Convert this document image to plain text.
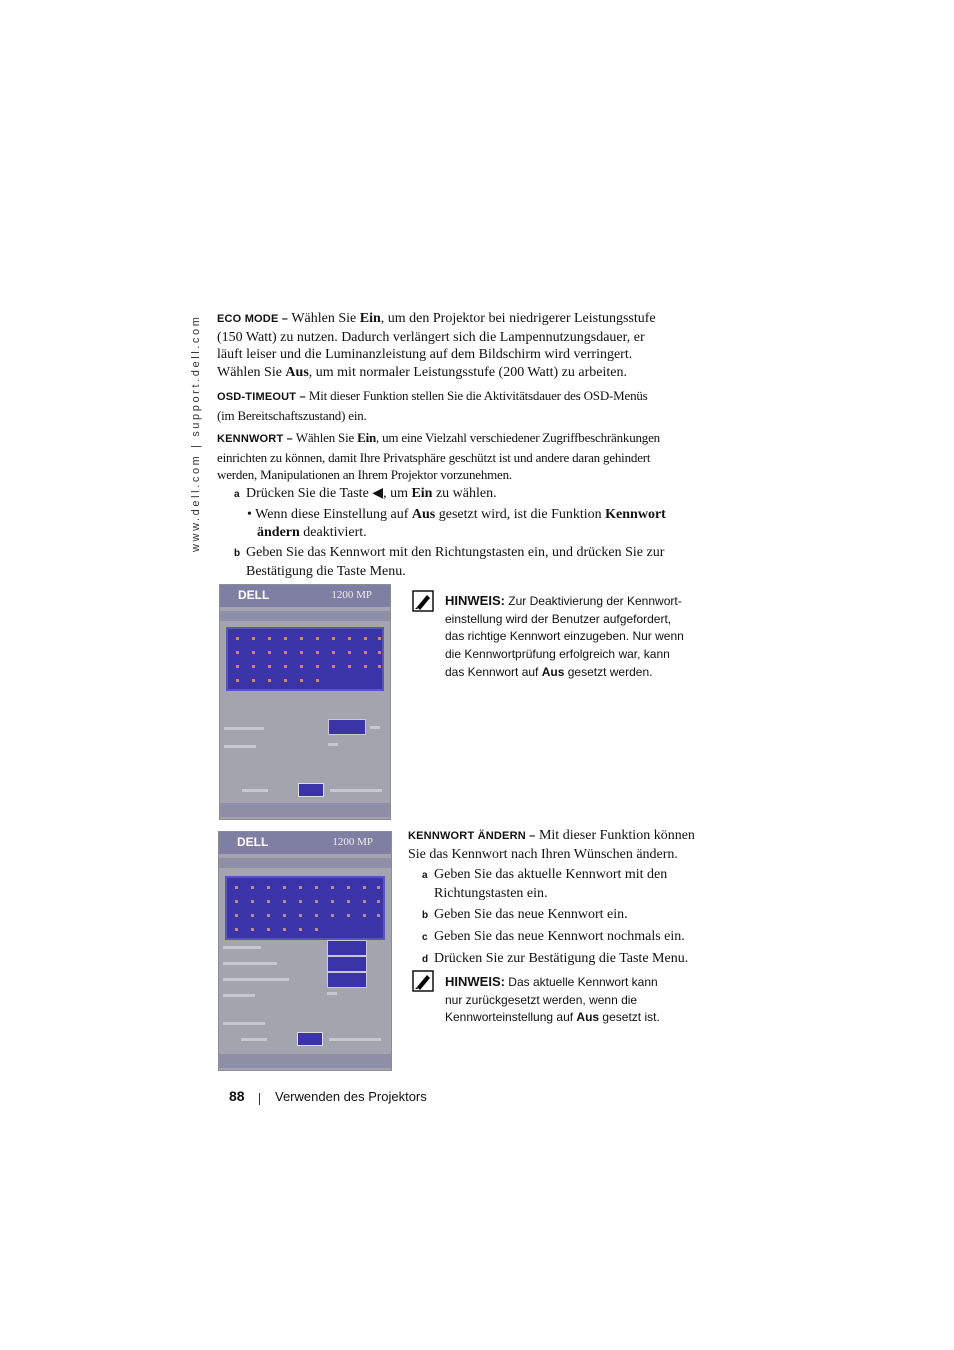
www.dell.com | support.dell.com	ECO MODE – Wählen Sie Ein, um den Projektor bei niedrigerer Leistungsstufe
(150 Watt) zu nutzen. Dadurch verlängert sich die Lampennutzungsdauer, er
läuft leiser und die Luminanzleistung auf dem Bildschirm wird verringert.
Wählen Sie Aus, um mit normaler Leistungsstufe (200 Watt) zu arbeiten.
OSD-TIMEOUT – Mit dieser Funktion stellen Sie die Aktivitätsdauer des OSD-Menüs
(im Bereitschaftszustand) ein.
KENNWORT – Wählen Sie Ein, um eine Vielzahl verschiedener Zugriffbeschränkungen
einrichten zu können, damit Ihre Privatsphäre geschützt ist und andere daran gehindert
werden, Manipulationen an Ihrem Projektor vorzunehmen.
a Drücken Sie die Taste ◀, um Ein zu wählen.
• Wenn diese Einstellung auf Aus gesetzt wird, ist die Funktion Kennwort
ändern deaktiviert.
b Geben Sie das Kennwort mit den Richtungstasten ein, und drücken Sie zur
Bestätigung die Taste Menu.
DELL	1200 MP	HINWEIS: Zur Deaktivierung der Kennwort-
einstellung wird der Benutzer aufgefordert,
das richtige Kennwort einzugeben. Nur wenn
die Kennwortprüfung erfolgreich war, kann
das Kennwort auf Aus gesetzt werden.
DELL	1200 MP	KENNWORT ÄNDERN – Mit dieser Funktion können
Sie das Kennwort nach Ihren Wünschen ändern.
a Geben Sie das aktuelle Kennwort mit den
Richtungstasten ein.
b Geben Sie das neue Kennwort ein.
c Geben Sie das neue Kennwort nochmals ein.
d Drücken Sie zur Bestätigung die Taste Menu.
HINWEIS: Das aktuelle Kennwort kann
nur zurückgesetzt werden, wenn die
Kennworteinstellung auf Aus gesetzt ist.
88 Verwenden des Projektors
